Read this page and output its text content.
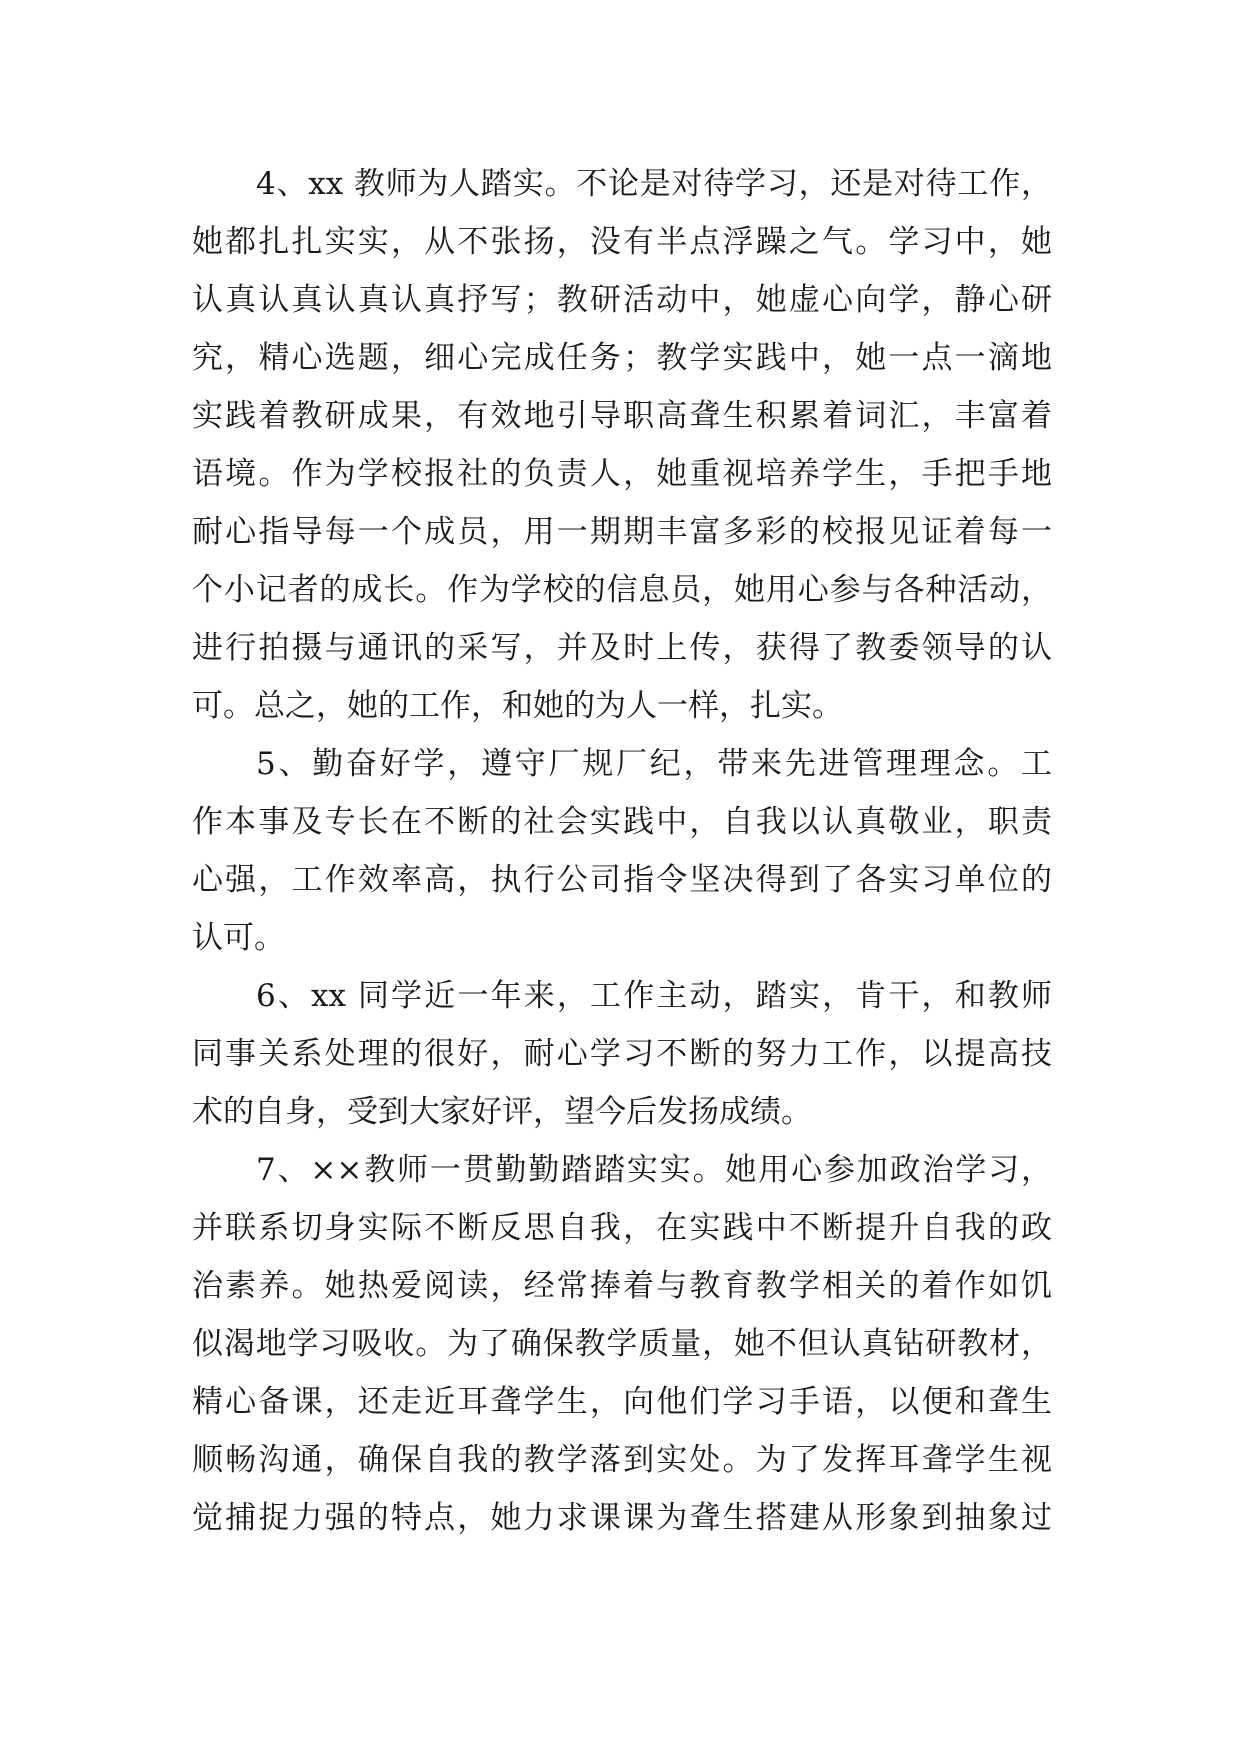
4、xx 教师为人踏实。不论是对待学习，还是对待工作，
她都扎扎实实，从不张扬，没有半点浮躁之气。学习中，她
认真认真认真认真抒写；教研活动中，她虚心向学，静心研
究，精心选题，细心完成任务；教学实践中，她一点一滴地
实践着教研成果，有效地引导职高聋生积累着词汇，丰富着
语境。作为学校报社的负责人，她重视培养学生，手把手地
耐心指导每一个成员，用一期期丰富多彩的校报见证着每一
个小记者的成长。作为学校的信息员，她用心参与各种活动，
进行拍摄与通讯的采写，并及时上传，获得了教委领导的认
可。总之，她的工作，和她的为人一样，扎实。
5、勤奋好学，遵守厂规厂纪，带来先进管理理念。工
作本事及专长在不断的社会实践中，自我以认真敬业，职责
心强，工作效率高，执行公司指令坚决得到了各实习单位的
认可。
6、xx 同学近一年来，工作主动，踏实，肯干，和教师
同事关系处理的很好，耐心学习不断的努力工作，以提高技
术的自身，受到大家好评，望今后发扬成绩。
7、××教师一贯勤勤踏踏实实。她用心参加政治学习，
并联系切身实际不断反思自我，在实践中不断提升自我的政
治素养。她热爱阅读，经常捧着与教育教学相关的着作如饥
似渴地学习吸收。为了确保教学质量，她不但认真钻研教材，
精心备课，还走近耳聋学生，向他们学习手语，以便和聋生
顺畅沟通，确保自我的教学落到实处。为了发挥耳聋学生视
觉捕捉力强的特点，她力求课课为聋生搭建从形象到抽象过
